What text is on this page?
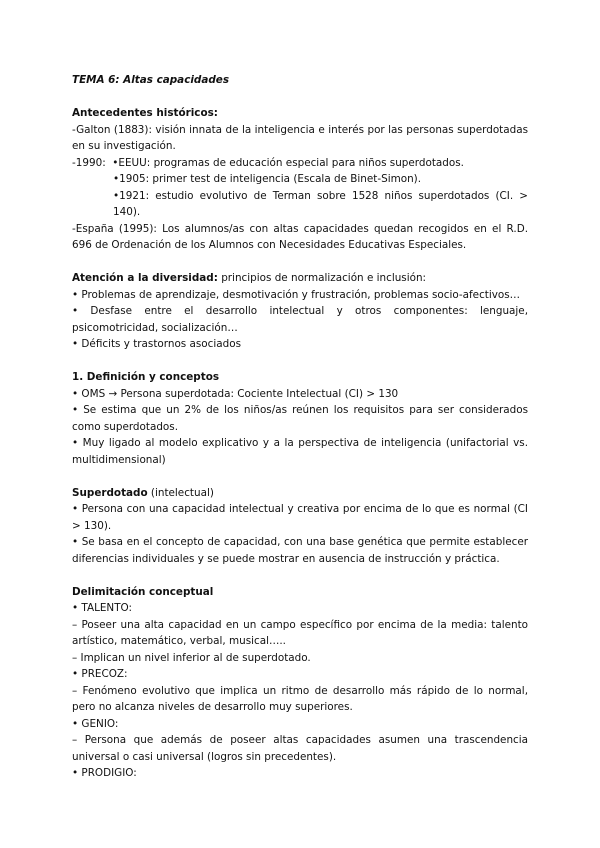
TEMA 6: Altas capacidades

Antecedentes históricos:

-Galton (1883): visión innata de la inteligencia e interés por las personas superdotadas en su investigación.

-1990:  •EEUU: programas de educación especial para niños superdotados.

•1905: primer test de inteligencia (Escala de Binet-Simon).

•1921: estudio evolutivo de Terman sobre 1528 niños superdotados (CI. > 140).

-España (1995): Los alumnos/as con altas capacidades quedan recogidos en el R.D. 696 de Ordenación de los Alumnos con Necesidades Educativas Especiales.

Atención a la diversidad: principios de normalización e inclusión:

• Problemas de aprendizaje, desmotivación y frustración, problemas socio-afectivos…

• Desfase entre el desarrollo intelectual y otros componentes: lenguaje, psicomotricidad, socialización…

• Déficits y trastornos asociados

1. Definición y conceptos

• OMS → Persona superdotada: Cociente Intelectual (CI) > 130

• Se estima que un 2% de los niños/as reúnen los requisitos para ser considerados como superdotados.

• Muy ligado al modelo explicativo y a la perspectiva de inteligencia (unifactorial vs. multidimensional)

Superdotado (intelectual)

• Persona con una capacidad intelectual y creativa por encima de lo que es normal (CI > 130).

• Se basa en el concepto de capacidad, con una base genética que permite establecer diferencias individuales y se puede mostrar en ausencia de instrucción y práctica.

Delimitación conceptual

• TALENTO:

– Poseer una alta capacidad en un campo específico por encima de la media: talento artístico, matemático, verbal, musical…..

– Implican un nivel inferior al de superdotado.

• PRECOZ:

– Fenómeno evolutivo que implica un ritmo de desarrollo más rápido de lo normal, pero no alcanza niveles de desarrollo muy superiores.

• GENIO:

– Persona que además de poseer altas capacidades asumen una trascendencia universal o casi universal (logros sin precedentes).

• PRODIGIO:
